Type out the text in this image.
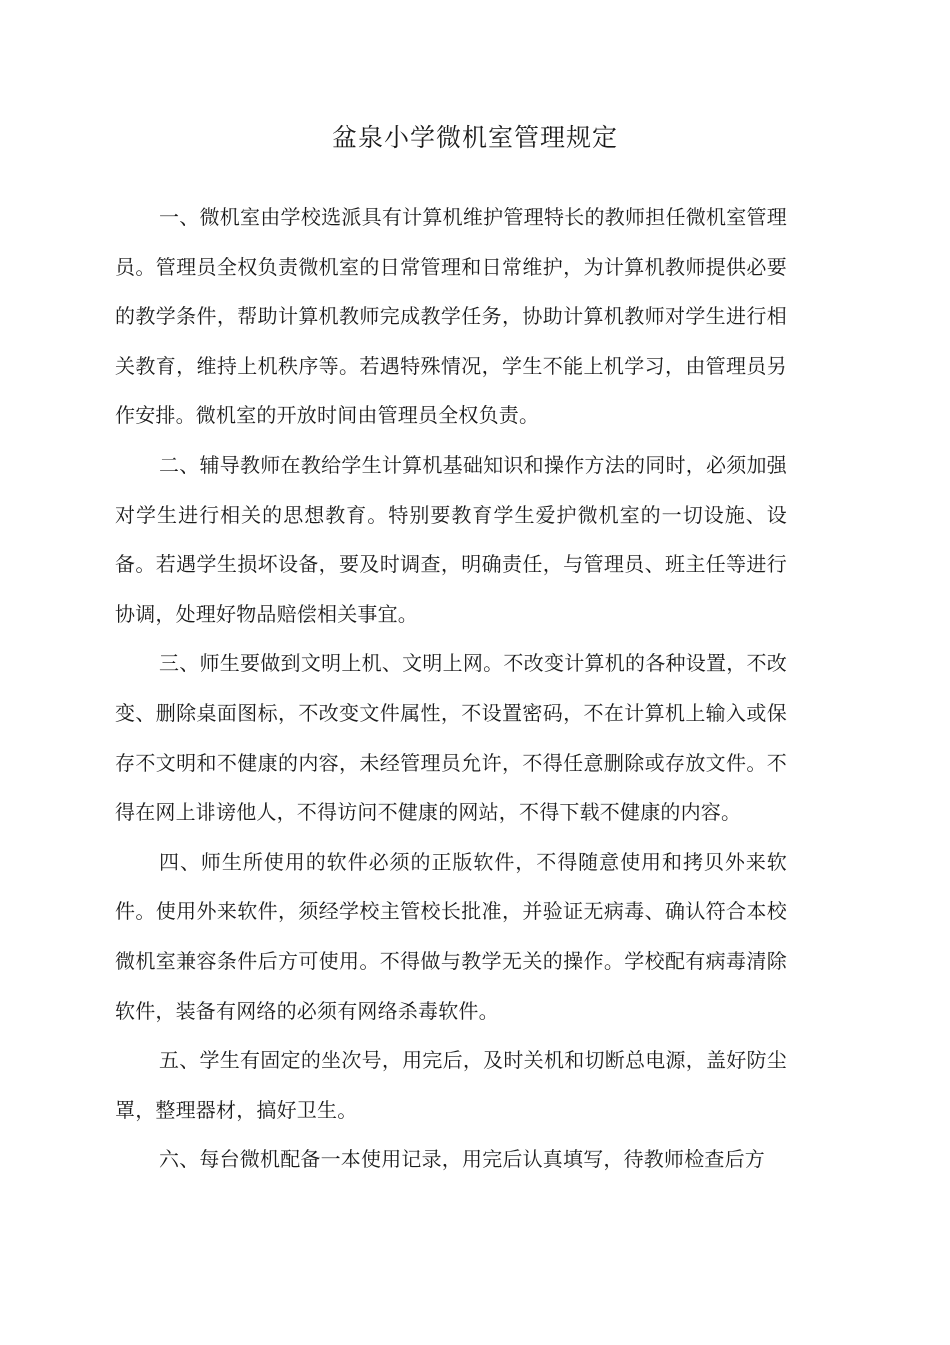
盆泉小学微机室管理规定

一、微机室由学校选派具有计算机维护管理特长的教师担任微机室管理员。管理员全权负责微机室的日常管理和日常维护，为计算机教师提供必要的教学条件，帮助计算机教师完成教学任务，协助计算机教师对学生进行相关教育，维持上机秩序等。若遇特殊情况，学生不能上机学习，由管理员另作安排。微机室的开放时间由管理员全权负责。

二、辅导教师在教给学生计算机基础知识和操作方法的同时，必须加强对学生进行相关的思想教育。特别要教育学生爱护微机室的一切设施、设备。若遇学生损坏设备，要及时调查，明确责任，与管理员、班主任等进行协调，处理好物品赔偿相关事宜。

三、师生要做到文明上机、文明上网。不改变计算机的各种设置，不改变、删除桌面图标，不改变文件属性，不设置密码，不在计算机上输入或保存不文明和不健康的内容，未经管理员允许，不得任意删除或存放文件。不得在网上诽谤他人，不得访问不健康的网站，不得下载不健康的内容。

四、师生所使用的软件必须的正版软件，不得随意使用和拷贝外来软件。使用外来软件，须经学校主管校长批准，并验证无病毒、确认符合本校微机室兼容条件后方可使用。不得做与教学无关的操作。学校配有病毒清除软件，装备有网络的必须有网络杀毒软件。

五、学生有固定的坐次号，用完后，及时关机和切断总电源，盖好防尘罩，整理器材，搞好卫生。

六、每台微机配备一本使用记录，用完后认真填写，待教师检查后方
